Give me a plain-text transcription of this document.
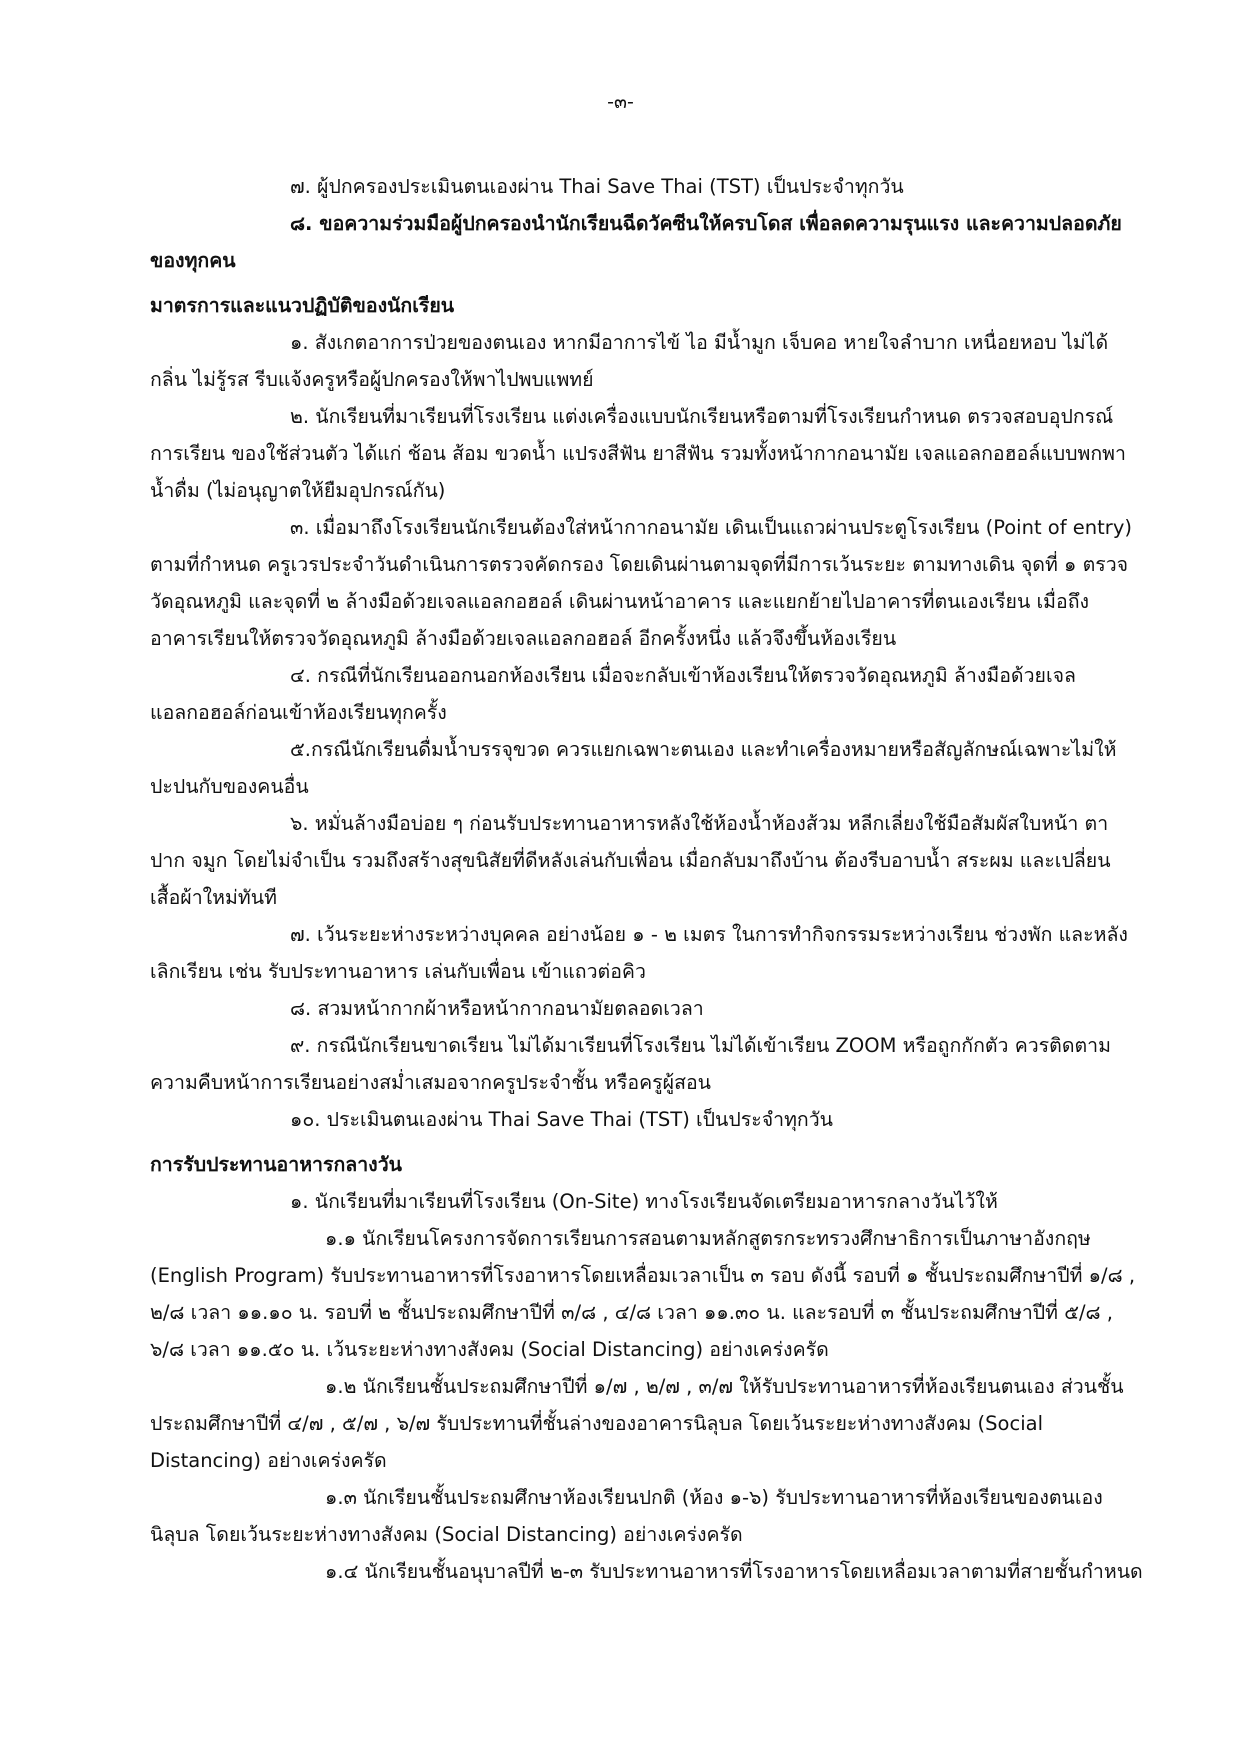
-๓-

๗. ผู้ปกครองประเมินตนเองผ่าน Thai Save Thai (TST) เป็นประจำทุกวัน

๘. ขอความร่วมมือผู้ปกครองนำนักเรียนฉีดวัคซีนให้ครบโดส เพื่อลดความรุนแรง และความปลอดภัยของทุกคน

มาตรการและแนวปฏิบัติของนักเรียน

๑. สังเกตอาการป่วยของตนเอง หากมีอาการไข้ ไอ มีน้ำมูก เจ็บคอ หายใจลำบาก เหนื่อยหอบ ไม่ได้กลิ่น ไม่รู้รส รีบแจ้งครูหรือผู้ปกครองให้พาไปพบแพทย์

๒. นักเรียนที่มาเรียนที่โรงเรียน แต่งเครื่องแบบนักเรียนหรือตามที่โรงเรียนกำหนด ตรวจสอบอุปกรณ์การเรียน ของใช้ส่วนตัว ได้แก่ ช้อน ส้อม ขวดน้ำ แปรงสีฟัน ยาสีฟัน รวมทั้งหน้ากากอนามัย เจลแอลกอฮอล์แบบพกพา น้ำดื่ม (ไม่อนุญาตให้ยืมอุปกรณ์กัน)

๓. เมื่อมาถึงโรงเรียนนักเรียนต้องใส่หน้ากากอนามัย เดินเป็นแถวผ่านประตูโรงเรียน (Point of entry) ตามที่กำหนด ครูเวรประจำวันดำเนินการตรวจคัดกรอง โดยเดินผ่านตามจุดที่มีการเว้นระยะ ตามทางเดิน จุดที่ ๑ ตรวจวัดอุณหภูมิ และจุดที่ ๒ ล้างมือด้วยเจลแอลกอฮอล์ เดินผ่านหน้าอาคาร และแยกย้ายไปอาคารที่ตนเองเรียน เมื่อถึงอาคารเรียนให้ตรวจวัดอุณหภูมิ ล้างมือด้วยเจลแอลกอฮอล์ อีกครั้งหนึ่ง แล้วจึงขึ้นห้องเรียน

๔. กรณีที่นักเรียนออกนอกห้องเรียน เมื่อจะกลับเข้าห้องเรียนให้ตรวจวัดอุณหภูมิ ล้างมือด้วยเจลแอลกอฮอล์ก่อนเข้าห้องเรียนทุกครั้ง

๕.กรณีนักเรียนดื่มน้ำบรรจุขวด ควรแยกเฉพาะตนเอง และทำเครื่องหมายหรือสัญลักษณ์เฉพาะไม่ให้ปะปนกับของคนอื่น

๖. หมั่นล้างมือบ่อย ๆ ก่อนรับประทานอาหารหลังใช้ห้องน้ำห้องส้วม หลีกเลี่ยงใช้มือสัมผัสใบหน้า ตา ปาก จมูก โดยไม่จำเป็น รวมถึงสร้างสุขนิสัยที่ดีหลังเล่นกับเพื่อน เมื่อกลับมาถึงบ้าน ต้องรีบอาบน้ำ สระผม และเปลี่ยนเสื้อผ้าใหม่ทันที

๗. เว้นระยะห่างระหว่างบุคคล อย่างน้อย ๑ - ๒ เมตร ในการทำกิจกรรมระหว่างเรียน ช่วงพัก และหลังเลิกเรียน เช่น รับประทานอาหาร เล่นกับเพื่อน เข้าแถวต่อคิว

๘. สวมหน้ากากผ้าหรือหน้ากากอนามัยตลอดเวลา

๙. กรณีนักเรียนขาดเรียน ไม่ได้มาเรียนที่โรงเรียน ไม่ได้เข้าเรียน ZOOM หรือถูกกักตัว ควรติดตามความคืบหน้าการเรียนอย่างสม่ำเสมอจากครูประจำชั้น หรือครูผู้สอน

๑๐. ประเมินตนเองผ่าน Thai Save Thai (TST) เป็นประจำทุกวัน

การรับประทานอาหารกลางวัน

๑. นักเรียนที่มาเรียนที่โรงเรียน (On-Site) ทางโรงเรียนจัดเตรียมอาหารกลางวันไว้ให้

๑.๑ นักเรียนโครงการจัดการเรียนการสอนตามหลักสูตรกระทรวงศึกษาธิการเป็นภาษาอังกฤษ (English Program) รับประทานอาหารที่โรงอาหารโดยเหลื่อมเวลาเป็น ๓ รอบ ดังนี้ รอบที่ ๑ ชั้นประถมศึกษาปีที่ ๑/๘ , ๒/๘ เวลา ๑๑.๑๐ น. รอบที่ ๒ ชั้นประถมศึกษาปีที่ ๓/๘ , ๔/๘ เวลา ๑๑.๓๐ น. และรอบที่ ๓ ชั้นประถมศึกษาปีที่ ๕/๘ , ๖/๘ เวลา ๑๑.๕๐ น. เว้นระยะห่างทางสังคม (Social Distancing) อย่างเคร่งครัด

๑.๒ นักเรียนชั้นประถมศึกษาปีที่ ๑/๗ , ๒/๗ , ๓/๗ ให้รับประทานอาหารที่ห้องเรียนตนเอง ส่วนชั้นประถมศึกษาปีที่ ๔/๗ , ๕/๗ , ๖/๗ รับประทานที่ชั้นล่างของอาคารนิลุบล โดยเว้นระยะห่างทางสังคม (Social Distancing) อย่างเคร่งครัด

๑.๓ นักเรียนชั้นประถมศึกษาห้องเรียนปกติ (ห้อง ๑-๖) รับประทานอาหารที่ห้องเรียนของตนเอง นิลุบล โดยเว้นระยะห่างทางสังคม (Social Distancing) อย่างเคร่งครัด

๑.๔ นักเรียนชั้นอนุบาลปีที่ ๒-๓ รับประทานอาหารที่โรงอาหารโดยเหลื่อมเวลาตามที่สายชั้นกำหนด
